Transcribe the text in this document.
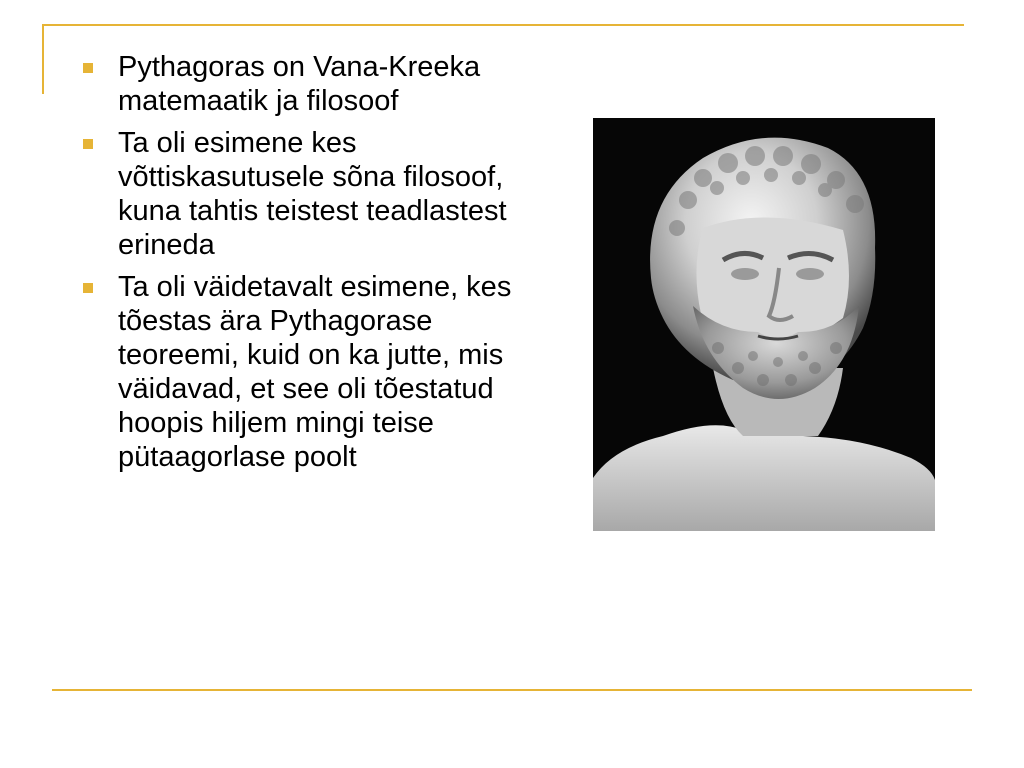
Pythagoras on Vana-Kreeka matemaatik ja filosoof
Ta oli esimene kes võttiskasutusele sõna filosoof, kuna tahtis teistest teadlastest erineda
Ta oli väidetavalt esimene, kes tõestas ära Pythagorase teoreemi, kuid on ka jutte, mis väidavad, et see oli tõestatud hoopis hiljem mingi teise pütaagorlase poolt
